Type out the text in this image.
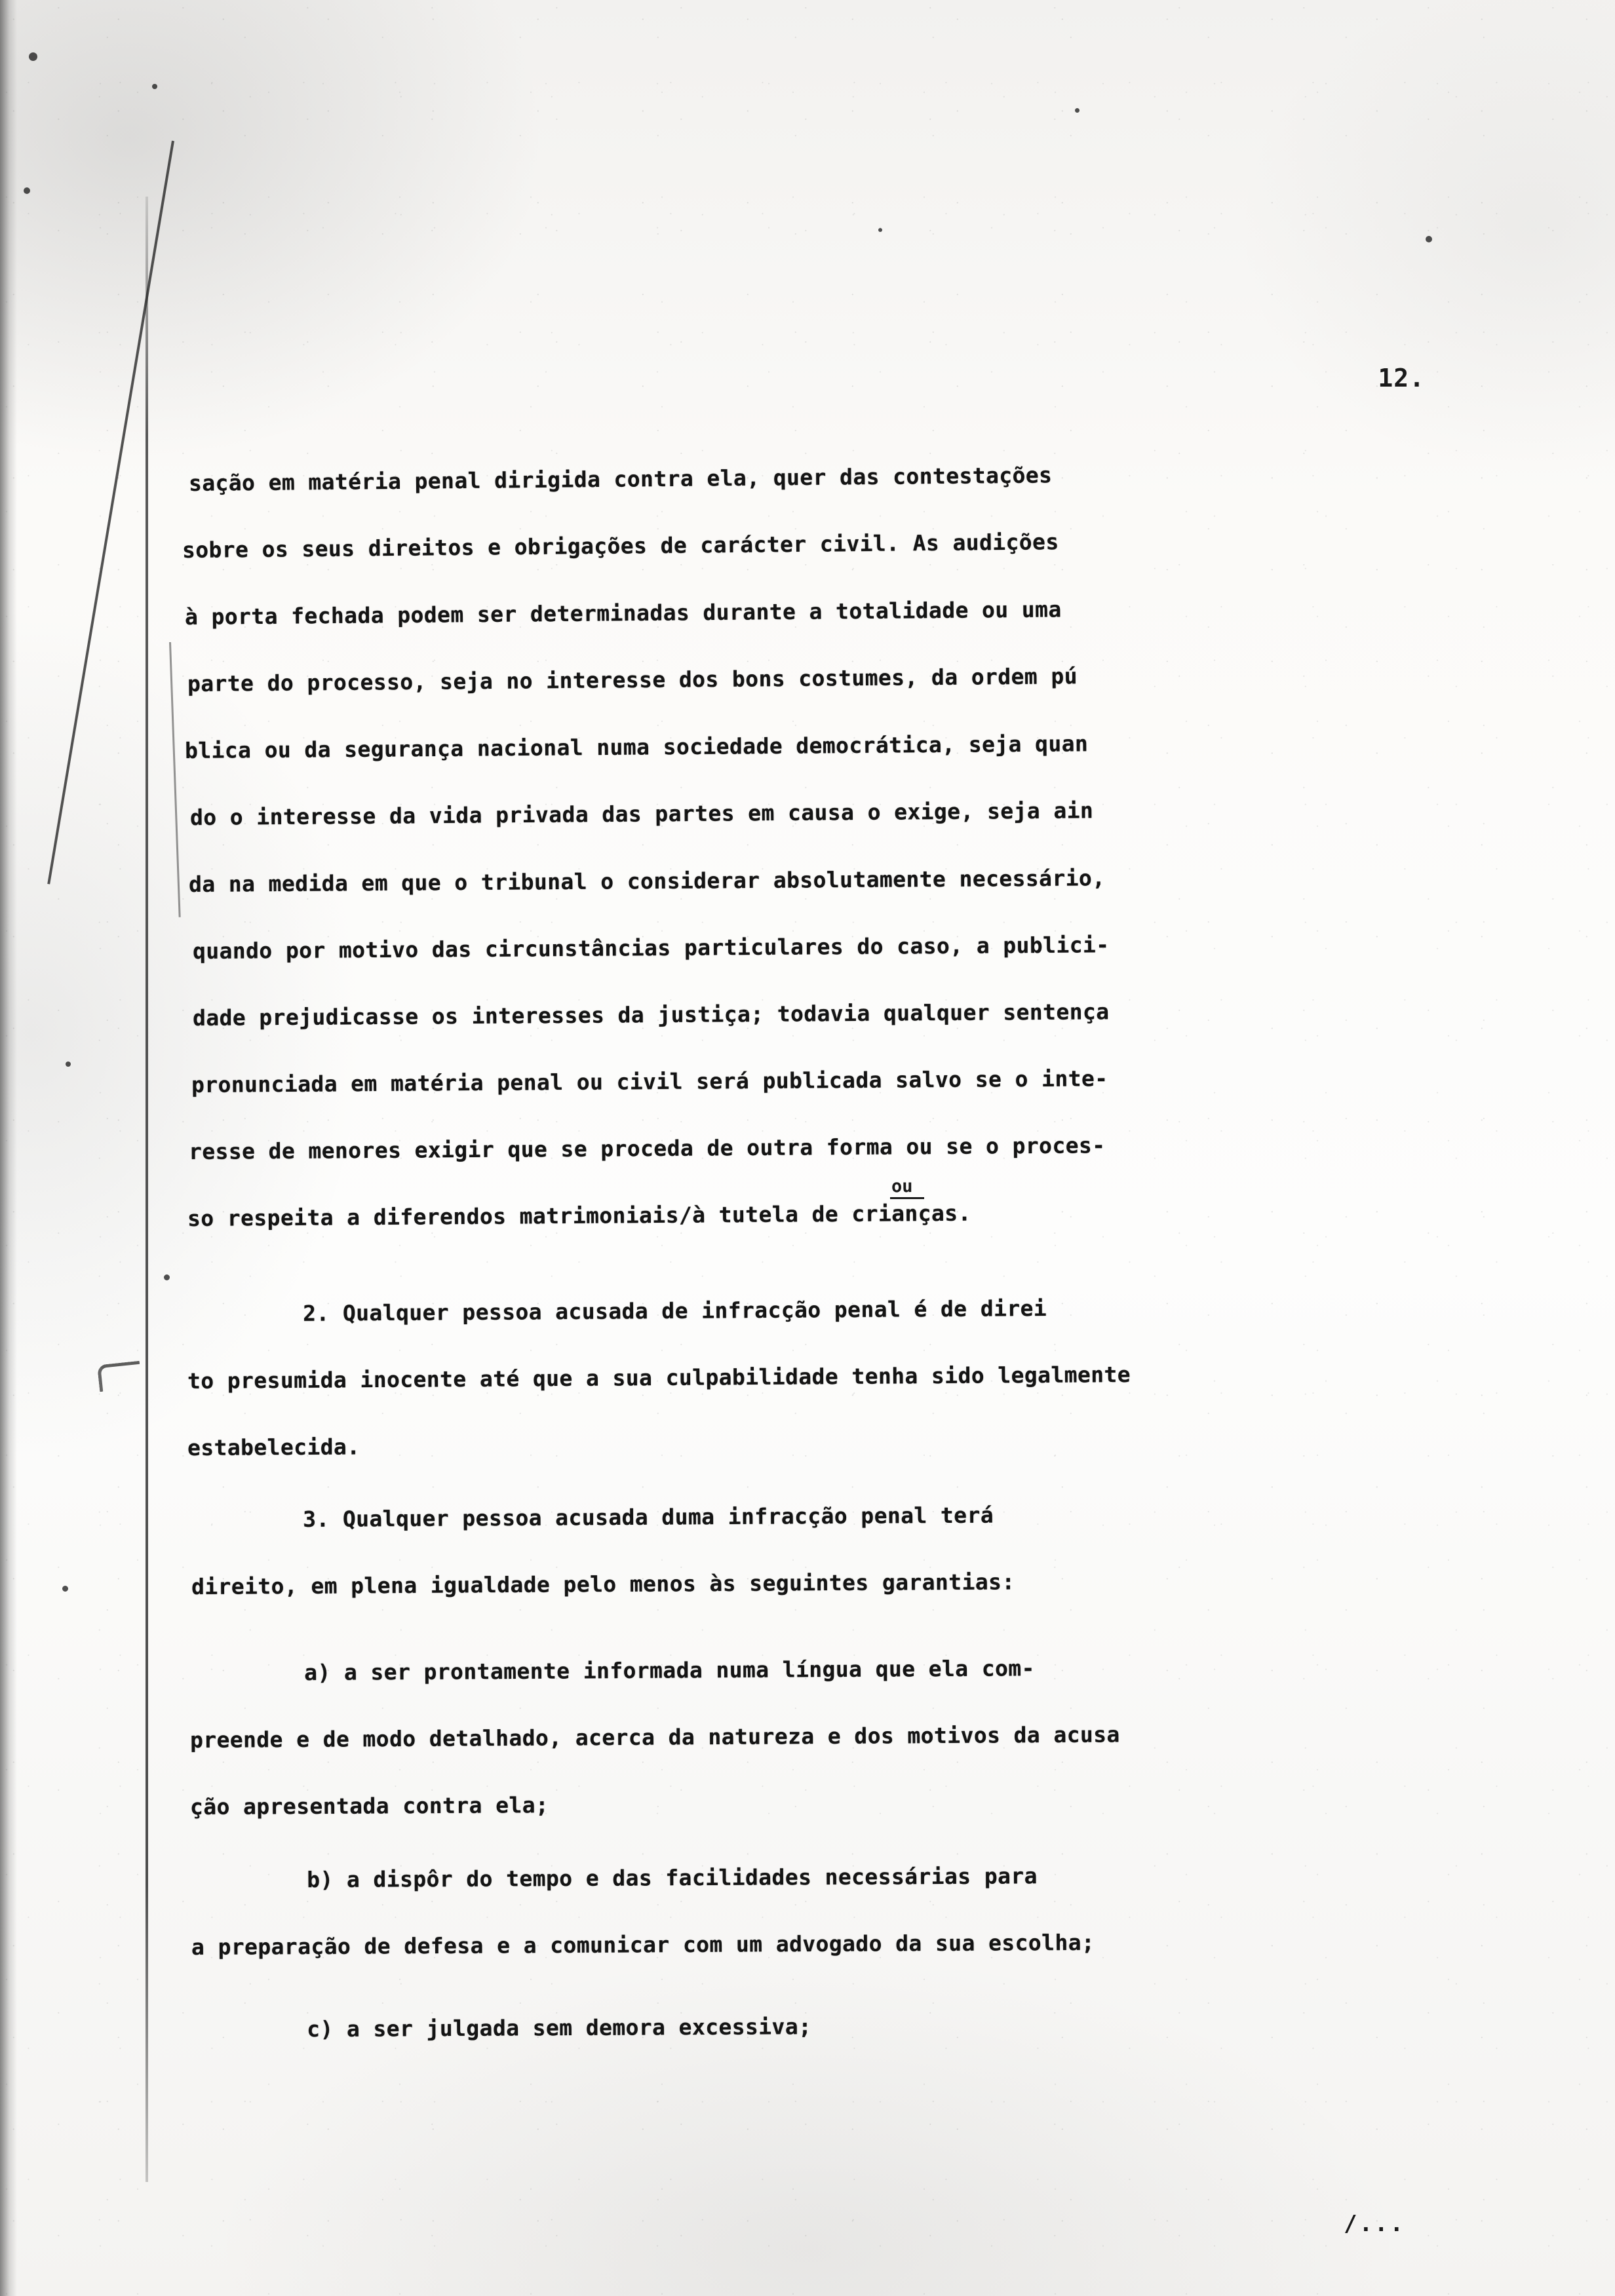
12.
sação em matéria penal dirigida contra ela, quer das contestações
sobre os seus direitos e obrigações de carácter civil. As audições
à porta fechada podem ser determinadas durante a totalidade ou uma
parte do processo, seja no interesse dos bons costumes, da ordem pú
blica ou da segurança nacional numa sociedade democrática, seja quan
do o interesse da vida privada das partes em causa o exige, seja ain
da na medida em que o tribunal o considerar absolutamente necessário,
quando por motivo das circunstâncias particulares do caso, a publici-
dade prejudicasse os interesses da justiça; todavia qualquer sentença
pronunciada em matéria penal ou civil será publicada salvo se o inte-
resse de menores exigir que se proceda de outra forma ou se o proces-
so respeita a diferendos matrimoniais/à tutela de crianças.
ou
2. Qualquer pessoa acusada de infracção penal é de direi
to presumida inocente até que a sua culpabilidade tenha sido legalmente
estabelecida.
3. Qualquer pessoa acusada duma infracção penal terá
direito, em plena igualdade pelo menos às seguintes garantias:
a) a ser prontamente informada numa língua que ela com-
preende e de modo detalhado, acerca da natureza e dos motivos da acusa
ção apresentada contra ela;
b) a dispôr do tempo e das facilidades necessárias para
a preparação de defesa e a comunicar com um advogado da sua escolha;
c) a ser julgada sem demora excessiva;
/...
